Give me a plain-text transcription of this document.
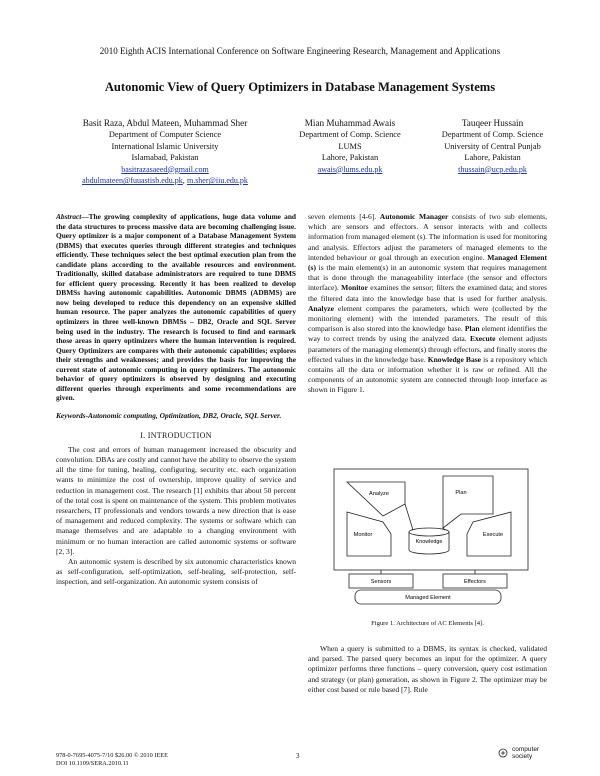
2010 Eighth ACIS International Conference on Software Engineering Research, Management and Applications
Autonomic View of Query Optimizers in Database Management Systems
Basit Raza, Abdul Mateen, Muhammad Sher
Department of Computer Science
International Islamic University
Islamabad, Pakistan
basitrazasaeed@gmail.com
abdulmateen@fuuastisb.edu.pk, m.sher@iiu.edu.pk
Mian Muhammad Awais
Department of Comp. Science
LUMS
Lahore, Pakistan
awais@lums.edu.pk
Tauqeer Hussain
Department of Comp. Science
University of Central Punjab
Lahore, Pakistan
thussain@ucp.edu.pk

Abstract—The growing complexity of applications, huge data volume and the data structures to process massive data are becoming challenging issue. Query optimizer is a major component of a Database Management System (DBMS) that executes queries through different strategies and techniques efficiently. These techniques select the best optimal execution plan from the candidate plans according to the available resources and environment. Traditionally, skilled database administrators are required to tune DBMS for efficient query processing. Recently it has been realized to develop DBMSs having autonomic capabilities. Autonomic DBMS (ADBMS) are now being developed to reduce this dependency on an expensive skilled human resource. The paper analyzes the autonomic capabilities of query optimizers in three well-known DBMSs – DB2, Oracle and SQL Server being used in the industry. The research is focused to find and earmark those areas in query optimizers where the human intervention is required. Query Optimizers are compares with their autonomic capabilities; explores their strengths and weaknesses; and provides the basis for improving the current state of autonomic computing in query optimizers. The autonomic behavior of query optimizers is observed by designing and executing different queries through experiments and some recommendations are given.

Keywords-Autonomic computing, Optimization, DB2, Oracle, SQL Server.

I. INTRODUCTION

The cost and errors of human management increased the obscurity and convolution. DBAs are costly and cannot have the ability to observe the system all the time for tuning, healing, configuring, security etc. each organization wants to minimize the cost of ownership, improve quality of service and reduction in management cost. The research [1] exhibits that about 50 percent of the total cost is spent on maintenance of the system. This problem motivates researchers, IT professionals and vendors towards a new direction that is ease of management and reduced complexity. The systems or software which can manage themselves and are adaptable to a changing environment with minimum or no human interaction are called autonomic systems or software [2, 3].

An autonomic system is described by six autonomic characteristics known as self-configuration, self-optimization, self-healing, self-protection, self-inspection, and self-organization. An autonomic system consists of

seven elements [4-6]. Autonomic Manager consists of two sub elements, which are sensors and effectors. A sensor interacts with and collects information from managed element (s). The information is used for monitoring and analysis. Effectors adjust the parameters of managed elements to the intended behaviour or goal through an execution engine. Managed Element (s) is the main element(s) in an autonomic system that requires management that is done through the manageability interface (the sensor and effectors interface). Monitor examines the sensor; filters the examined data; and stores the filtered data into the knowledge base that is used for further analysis. Analyze element compares the parameters, which were (collected by the monitoring element) with the intended parameters. The result of this comparison is also stored into the knowledge base. Plan element identifies the way to correct trends by using the analyzed data. Execute element adjusts parameters of the managing element(s) through effectors, and finally stores the effected values in the knowledge base. Knowledge Base is a repository which contains all the data or information whether it is raw or refined. All the components of an autonomic system are connected through loop interface as shown in Figure 1.

Analyze	Plan
Monitor	Execute
Knowledge
Sensors	Effectors
Managed Element
Figure 1. Architecture of AC Elements [4].

When a query is submitted to a DBMS, its syntax is checked, validated and parsed. The parsed query becomes an input for the optimizer. A query optimizer performs three functions – query conversion, query cost estimation and strategy (or plan) generation, as shown in Figure 2. The optimizer may be either cost based or rule based [7]. Rule

978-0-7695-4075-7/10 $26.00 © 2010 IEEE
DOI 10.1109/SERA.2010.11
3
computer
society
